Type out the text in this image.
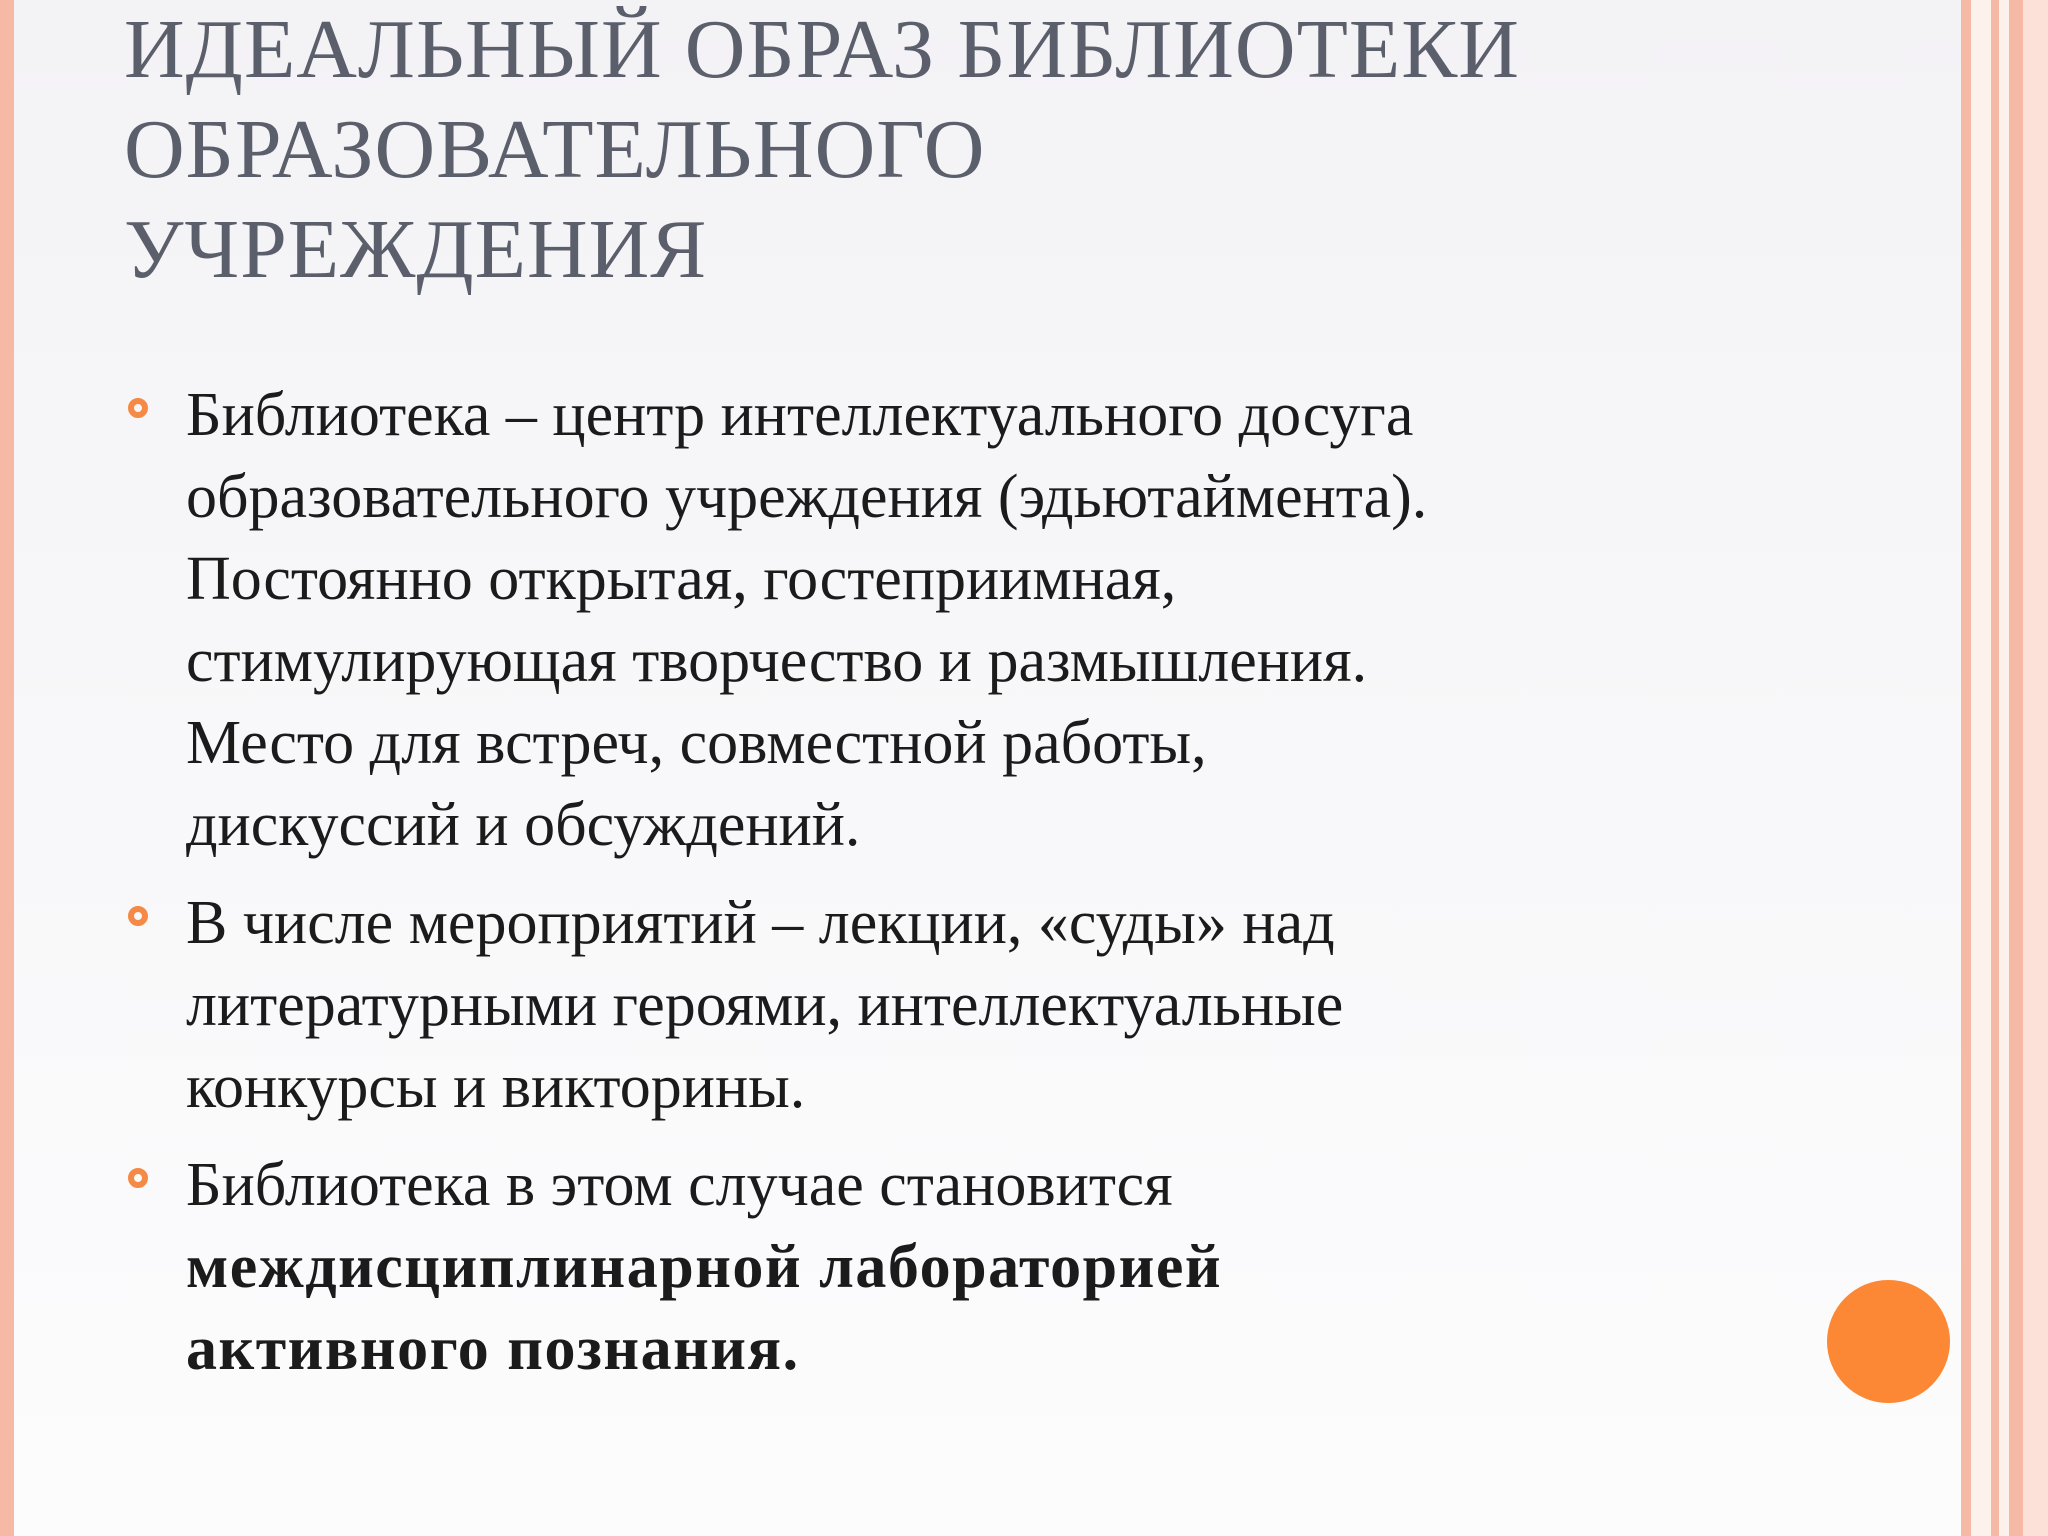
ИДЕАЛЬНЫЙ ОБРАЗ БИБЛИОТЕКИ
ОБРАЗОВАТЕЛЬНОГО
УЧРЕЖДЕНИЯ
Библиотека – центр интеллектуального досуга
образовательного учреждения (эдьютаймента).
Постоянно открытая, гостеприимная,
стимулирующая творчество и размышления.
Место для встреч, совместной работы,
дискуссий и обсуждений.
В числе мероприятий – лекции, «суды» над
литературными героями, интеллектуальные
конкурсы и викторины.
Библиотека в этом случае становится
междисциплинарной лабораторией
активного познания.
